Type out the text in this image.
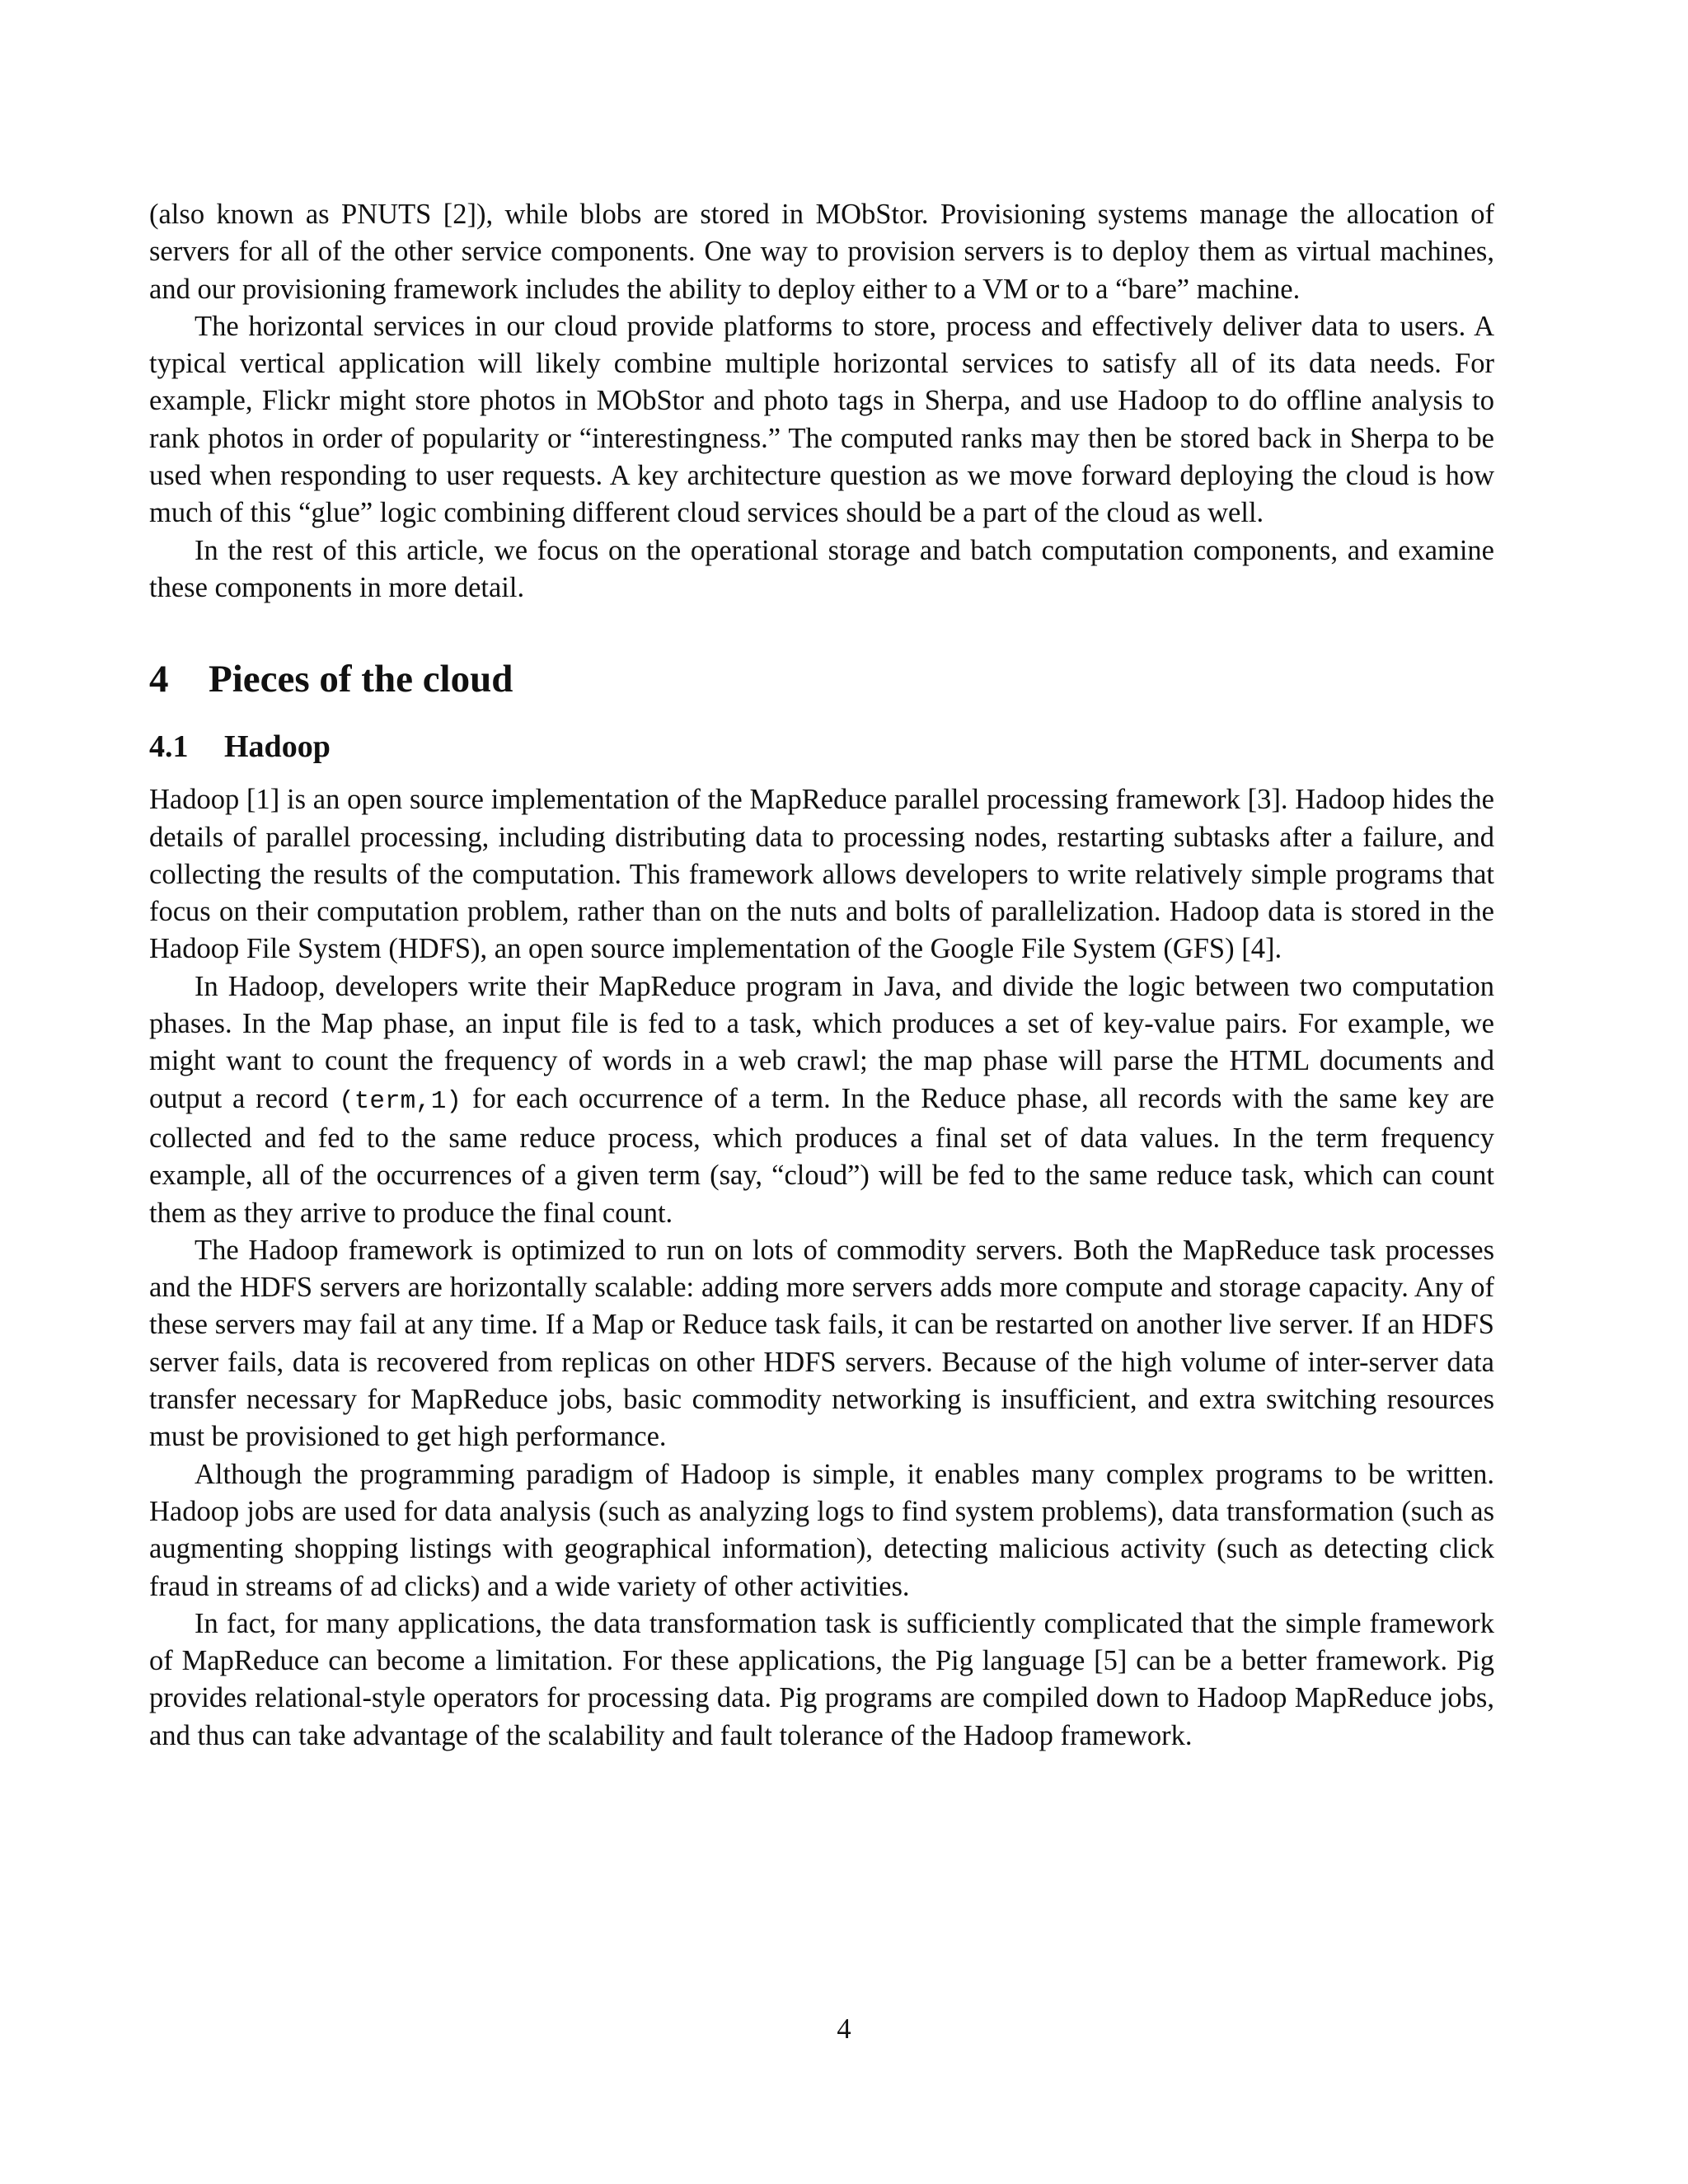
(also known as PNUTS [2]), while blobs are stored in MObStor. Provisioning systems manage the allocation of servers for all of the other service components. One way to provision servers is to deploy them as virtual machines, and our provisioning framework includes the ability to deploy either to a VM or to a “bare” machine.

The horizontal services in our cloud provide platforms to store, process and effectively deliver data to users. A typical vertical application will likely combine multiple horizontal services to satisfy all of its data needs. For example, Flickr might store photos in MObStor and photo tags in Sherpa, and use Hadoop to do offline analysis to rank photos in order of popularity or “interestingness.” The computed ranks may then be stored back in Sherpa to be used when responding to user requests. A key architecture question as we move forward deploying the cloud is how much of this “glue” logic combining different cloud services should be a part of the cloud as well.

In the rest of this article, we focus on the operational storage and batch computation components, and examine these components in more detail.

4	Pieces of the cloud
4.1	Hadoop

Hadoop [1] is an open source implementation of the MapReduce parallel processing framework [3]. Hadoop hides the details of parallel processing, including distributing data to processing nodes, restarting subtasks after a failure, and collecting the results of the computation. This framework allows developers to write relatively simple programs that focus on their computation problem, rather than on the nuts and bolts of parallelization. Hadoop data is stored in the Hadoop File System (HDFS), an open source implementation of the Google File System (GFS) [4].

In Hadoop, developers write their MapReduce program in Java, and divide the logic between two computation phases. In the Map phase, an input file is fed to a task, which produces a set of key-value pairs. For example, we might want to count the frequency of words in a web crawl; the map phase will parse the HTML documents and output a record (term,1) for each occurrence of a term. In the Reduce phase, all records with the same key are collected and fed to the same reduce process, which produces a final set of data values. In the term frequency example, all of the occurrences of a given term (say, “cloud”) will be fed to the same reduce task, which can count them as they arrive to produce the final count.

The Hadoop framework is optimized to run on lots of commodity servers. Both the MapReduce task processes and the HDFS servers are horizontally scalable: adding more servers adds more compute and storage capacity. Any of these servers may fail at any time. If a Map or Reduce task fails, it can be restarted on another live server. If an HDFS server fails, data is recovered from replicas on other HDFS servers. Because of the high volume of inter-server data transfer necessary for MapReduce jobs, basic commodity networking is insufficient, and extra switching resources must be provisioned to get high performance.

Although the programming paradigm of Hadoop is simple, it enables many complex programs to be written. Hadoop jobs are used for data analysis (such as analyzing logs to find system problems), data transformation (such as augmenting shopping listings with geographical information), detecting malicious activity (such as detecting click fraud in streams of ad clicks) and a wide variety of other activities.

In fact, for many applications, the data transformation task is sufficiently complicated that the simple framework of MapReduce can become a limitation. For these applications, the Pig language [5] can be a better framework. Pig provides relational-style operators for processing data. Pig programs are compiled down to Hadoop MapReduce jobs, and thus can take advantage of the scalability and fault tolerance of the Hadoop framework.

4
